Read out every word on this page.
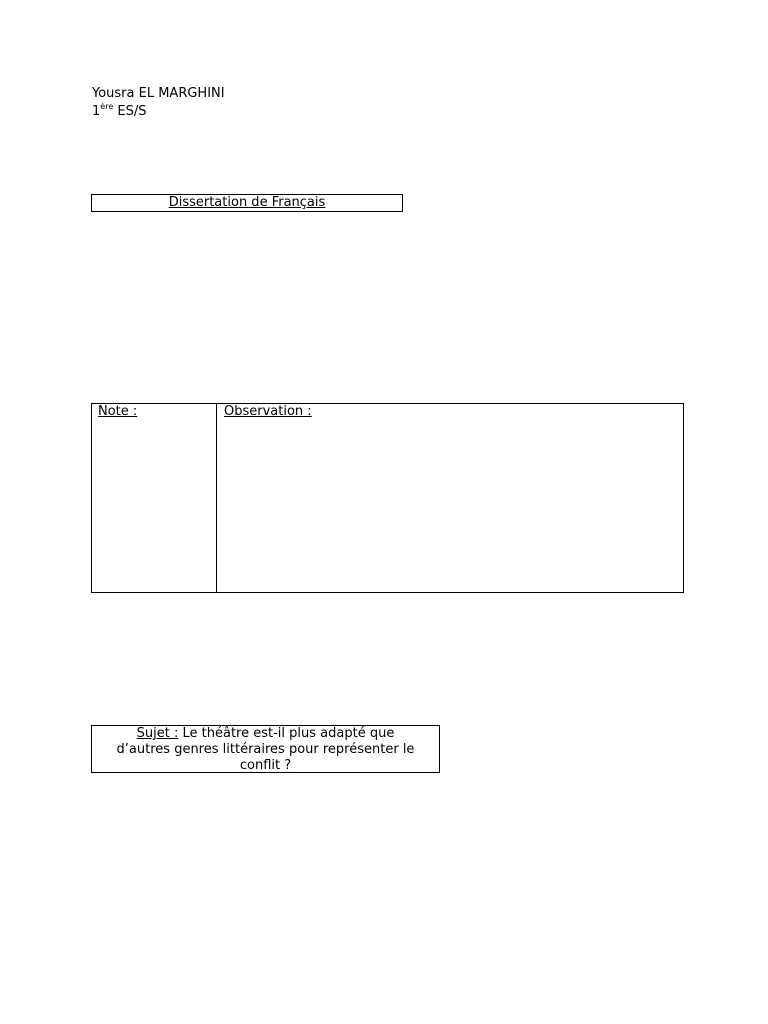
Yousra EL MARGHINI
1ère ES/S
Dissertation de Français
Note :	Observation :
Sujet : Le théâtre est-il plus adapté que
d’autres genres littéraires pour représenter le
conflit ?
